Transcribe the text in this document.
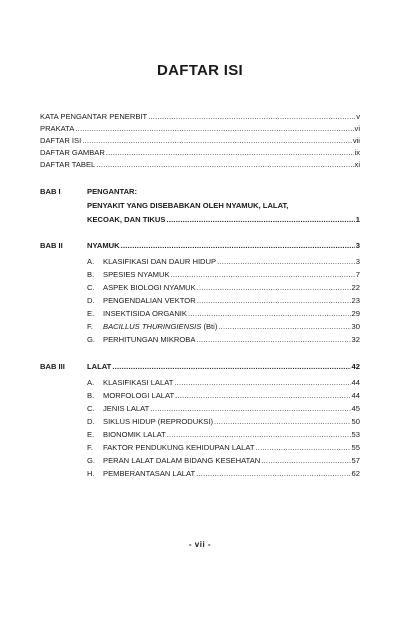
DAFTAR ISI
KATA PENGANTAR PENERBIT .....	v
PRAKATA .....	vi
DAFTAR ISI .....	vii
DAFTAR GAMBAR .....	ix
DAFTAR TABEL .....	xi
BAB I	PENGANTAR:
PENYAKIT YANG DISEBABKAN OLEH NYAMUK, LALAT,
KECOAK, DAN TIKUS .....	1
BAB II	NYAMUK .....	3
A.	KLASIFIKASI DAN DAUR HIDUP .....	3
B.	SPESIES NYAMUK .....	7
C.	ASPEK BIOLOGI NYAMUK .....	22
D.	PENGENDALIAN VEKTOR .....	23
E.	INSEKTISIDA ORGANIK .....	29
F.	BACILLUS THURINGIENSIS (Bti) .....	30
G.	PERHITUNGAN MIKROBA .....	32
BAB III	LALAT .....	42
A.	KLASIFIKASI LALAT .....	44
B.	MORFOLOGI LALAT .....	44
C.	JENIS LALAT .....	45
D.	SIKLUS HIDUP (REPRODUKSI) .....	50
E.	BIONOMIK LALAT .....	53
F.	FAKTOR PENDUKUNG KEHIDUPAN LALAT .....	55
G.	PERAN LALAT DALAM BIDANG KESEHATAN .....	57
H.	PEMBERANTASAN LALAT .....	62
- vii -
